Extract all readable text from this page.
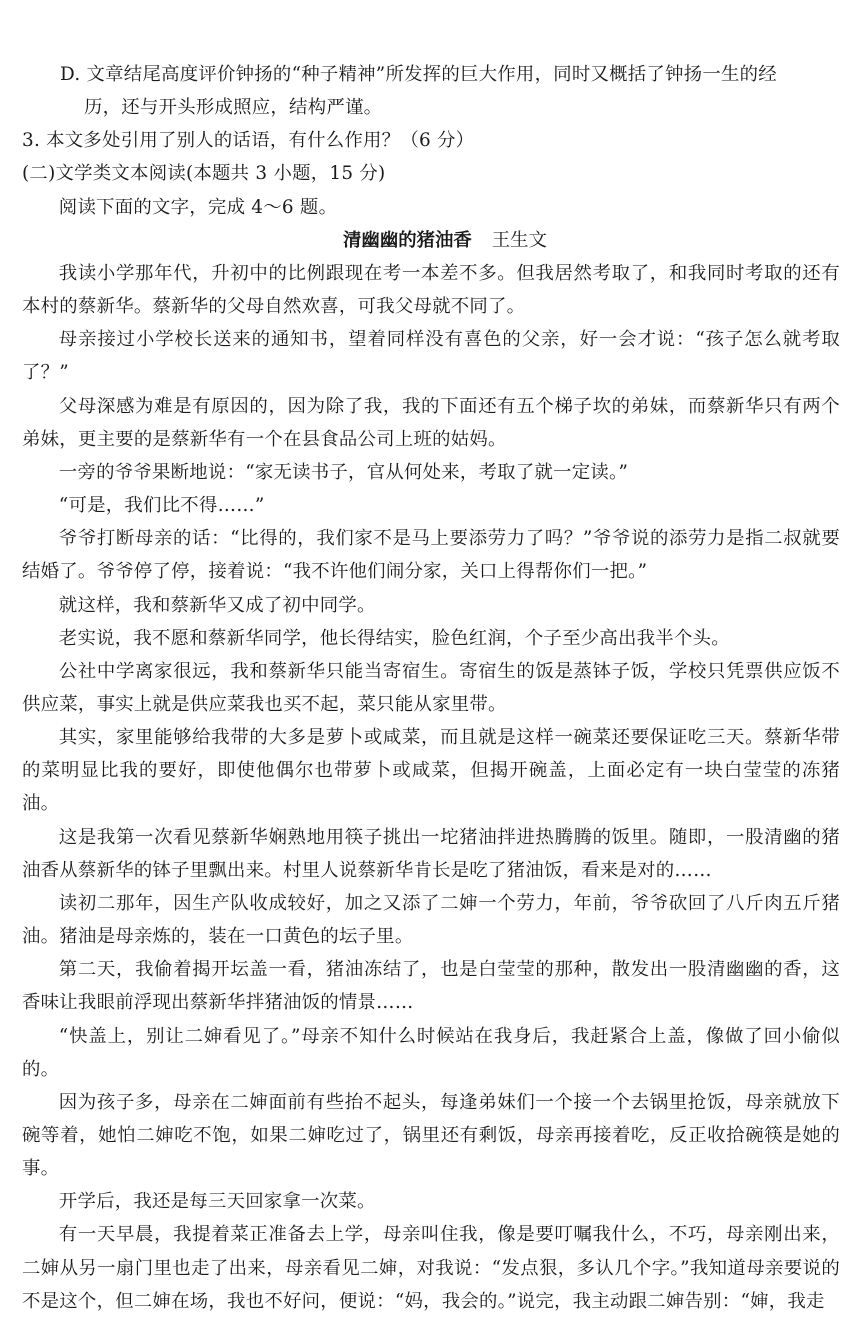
D. 文章结尾高度评价钟扬的“种子精神”所发挥的巨大作用，同时又概括了钟扬一生的经
历，还与开头形成照应，结构严谨。
3. 本文多处引用了别人的话语，有什么作用？（6 分）
(二)文学类文本阅读(本题共 3 小题，15 分)
阅读下面的文字，完成 4～6 题。
清幽幽的猪油香 王生文
我读小学那年代，升初中的比例跟现在考一本差不多。但我居然考取了，和我同时考取的还有本村的蔡新华。蔡新华的父母自然欢喜，可我父母就不同了。
母亲接过小学校长送来的通知书，望着同样没有喜色的父亲，好一会才说：“孩子怎么就考取了？”
父母深感为难是有原因的，因为除了我，我的下面还有五个梯子坎的弟妹，而蔡新华只有两个弟妹，更主要的是蔡新华有一个在县食品公司上班的姑妈。
一旁的爷爷果断地说：“家无读书子，官从何处来，考取了就一定读。”
“可是，我们比不得……”
爷爷打断母亲的话：“比得的，我们家不是马上要添劳力了吗？”爷爷说的添劳力是指二叔就要结婚了。爷爷停了停，接着说：“我不许他们闹分家，关口上得帮你们一把。”
就这样，我和蔡新华又成了初中同学。
老实说，我不愿和蔡新华同学，他长得结实，脸色红润，个子至少高出我半个头。
公社中学离家很远，我和蔡新华只能当寄宿生。寄宿生的饭是蒸钵子饭，学校只凭票供应饭不供应菜，事实上就是供应菜我也买不起，菜只能从家里带。
其实，家里能够给我带的大多是萝卜或咸菜，而且就是这样一碗菜还要保证吃三天。蔡新华带的菜明显比我的要好，即使他偶尔也带萝卜或咸菜，但揭开碗盖，上面必定有一块白莹莹的冻猪油。
这是我第一次看见蔡新华娴熟地用筷子挑出一坨猪油拌进热腾腾的饭里。随即，一股清幽的猪油香从蔡新华的钵子里飘出来。村里人说蔡新华肯长是吃了猪油饭，看来是对的……
读初二那年，因生产队收成较好，加之又添了二婶一个劳力，年前，爷爷砍回了八斤肉五斤猪油。猪油是母亲炼的，装在一口黄色的坛子里。
第二天，我偷着揭开坛盖一看，猪油冻结了，也是白莹莹的那种，散发出一股清幽幽的香，这香味让我眼前浮现出蔡新华拌猪油饭的情景……
“快盖上，别让二婶看见了。”母亲不知什么时候站在我身后，我赶紧合上盖，像做了回小偷似的。
因为孩子多，母亲在二婶面前有些抬不起头，每逢弟妹们一个接一个去锅里抢饭，母亲就放下碗等着，她怕二婶吃不饱，如果二婶吃过了，锅里还有剩饭，母亲再接着吃，反正收拾碗筷是她的事。
开学后，我还是每三天回家拿一次菜。
有一天早晨，我提着菜正准备去上学，母亲叫住我，像是要叮嘱我什么，不巧，母亲刚出来，二婶从另一扇门里也走了出来，母亲看见二婶，对我说：“发点狠，多认几个字。”我知道母亲要说的不是这个，但二婶在场，我也不好问，便说：“妈，我会的。”说完，我主动跟二婶告别：“婶，我走
